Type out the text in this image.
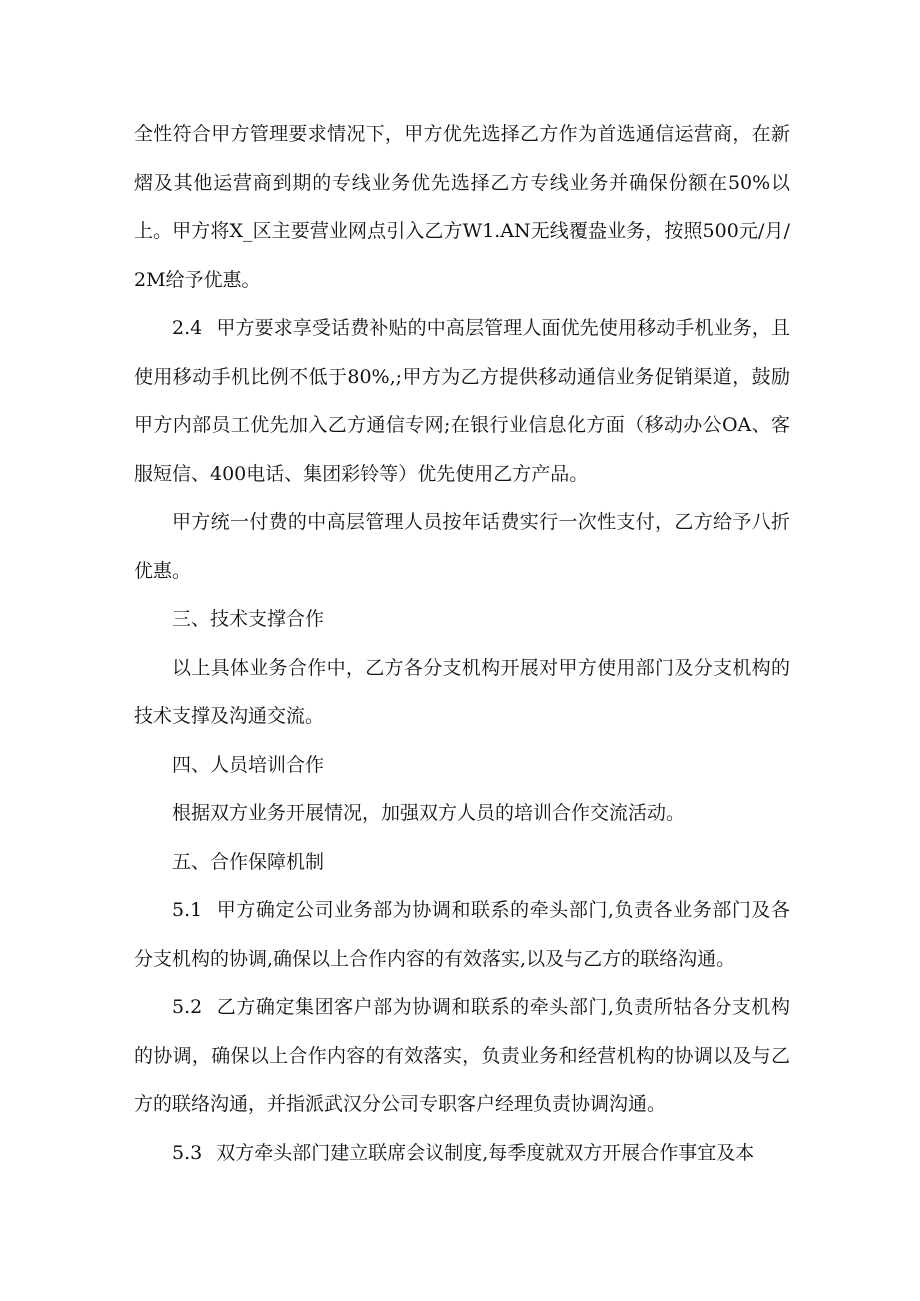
全性符合甲方管理要求情况下，甲方优先选择乙方作为首选通信运营商，在新熠及其他运营商到期的专线业务优先选择乙方专线业务并确保份额在50%以上。甲方将X_区主要营业网点引入乙方W1.AN无线覆盎业务，按照500元/月/2M给予优惠。

2.4 甲方要求享受话费补贴的中高层管理人面优先使用移动手机业务，且使用移动手机比例不低于80%,;甲方为乙方提供移动通信业务促销渠道，鼓励甲方内部员工优先加入乙方通信专网;在银行业信息化方面（移动办公OA、客服短信、400电话、集团彩铃等）优先使用乙方产品。

甲方统一付费的中高层管理人员按年话费实行一次性支付，乙方给予八折优惠。

三、技术支撑合作

以上具体业务合作中，乙方各分支机构开展对甲方使用部门及分支机构的技术支撑及沟通交流。

四、人员培训合作

根据双方业务开展情况，加强双方人员的培训合作交流活动。

五、合作保障机制

5.1 甲方确定公司业务部为协调和联系的牵头部门,负责各业务部门及各分支机构的协调,确保以上合作内容的有效落实,以及与乙方的联络沟通。

5.2 乙方确定集团客户部为协调和联系的牵头部门,负责所牯各分支机构的协调，确保以上合作内容的有效落实，负责业务和经营机构的协调以及与乙方的联络沟通，并指派武汉分公司专职客户经理负责协调沟通。

5.3 双方牵头部门建立联席会议制度,每季度就双方开展合作事宜及本
